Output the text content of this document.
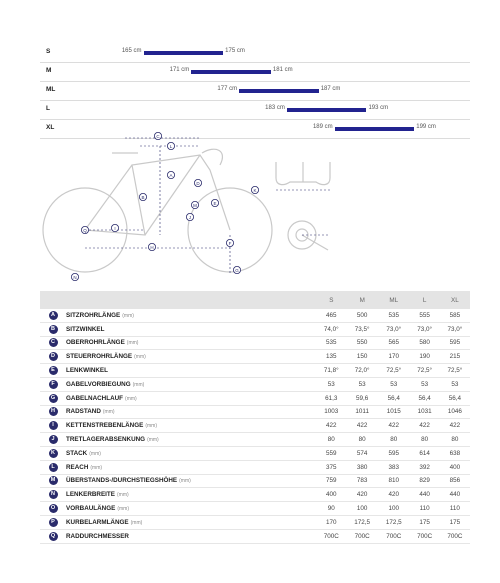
S	165 cm	175 cm
M	171 cm	181 cm
ML	177 cm	187 cm
L	183 cm	193 cm
XL	189 cm	199 cm
A
B
C
D
E
F
G
H
I
J
K
L
M
N
Q
		S	M	ML	L	XL
A	SITZROHRLÄNGE (mm)	465	500	535	555	585
B	SITZWINKEL	74,0°	73,5°	73,0°	73,0°	73,0°
C	OBERROHRLÄNGE (mm)	535	550	565	580	595
D	STEUERROHRLÄNGE (mm)	135	150	170	190	215
E	LENKWINKEL	71,8°	72,0°	72,5°	72,5°	72,5°
F	GABELVORBIEGUNG (mm)	53	53	53	53	53
G	GABELNACHLAUF (mm)	61,3	59,6	56,4	56,4	56,4
H	RADSTAND (mm)	1003	1011	1015	1031	1046
I	KETTENSTREBENLÄNGE (mm)	422	422	422	422	422
J	TRETLAGERABSENKUNG (mm)	80	80	80	80	80
K	STACK (mm)	559	574	595	614	638
L	REACH (mm)	375	380	383	392	400
M	ÜBERSTANDS-/DURCHSTIEGSHÖHE (mm)	759	783	810	829	856
N	LENKERBREITE (mm)	400	420	420	440	440
O	VORBAULÄNGE (mm)	90	100	100	110	110
P	KURBELARMLÄNGE (mm)	170	172,5	172,5	175	175
Q	RADDURCHMESSER	700C	700C	700C	700C	700C
